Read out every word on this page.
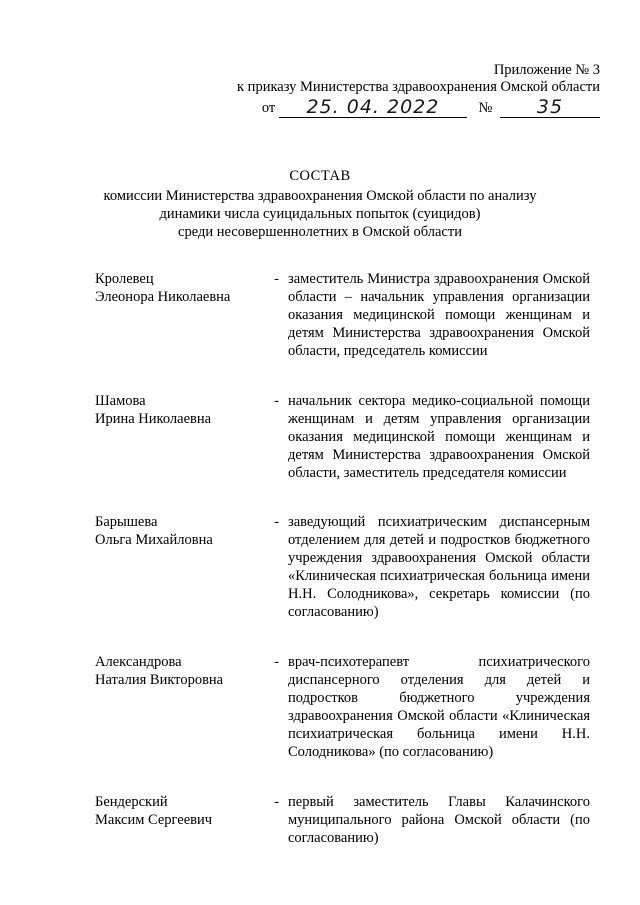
Приложение № 3
к приказу Министерства здравоохранения Омской области
от	25. 04. 2022	№	35
СОСТАВ
комиссии Министерства здравоохранения Омской области по анализу
динамики числа суицидальных попыток (суицидов)
среди несовершеннолетних в Омской области
Кролевец
Элеонора Николаевна
- заместитель Министра здравоохранения Омской области – начальник управления организации оказания медицинской помощи женщинам и детям Министерства здравоохранения Омской области, председатель комиссии
Шамова
Ирина Николаевна
- начальник сектора медико-социальной помощи женщинам и детям управления организации оказания медицинской помощи женщинам и детям Министерства здравоохранения Омской области, заместитель председателя комиссии
Барышева
Ольга Михайловна
- заведующий психиатрическим диспансерным отделением для детей и подростков бюджетного учреждения здравоохранения Омской области «Клиническая психиатрическая больница имени Н.Н. Солодникова», секретарь комиссии (по согласованию)
Александрова
Наталия Викторовна
- врач-психотерапевт психиатрического диспансерного отделения для детей и подростков бюджетного учреждения здравоохранения Омской области «Клиническая психиатрическая больница имени Н.Н. Солодникова» (по согласованию)
Бендерский
Максим Сергеевич
- первый заместитель Главы Калачинского муниципального района Омской области (по согласованию)
